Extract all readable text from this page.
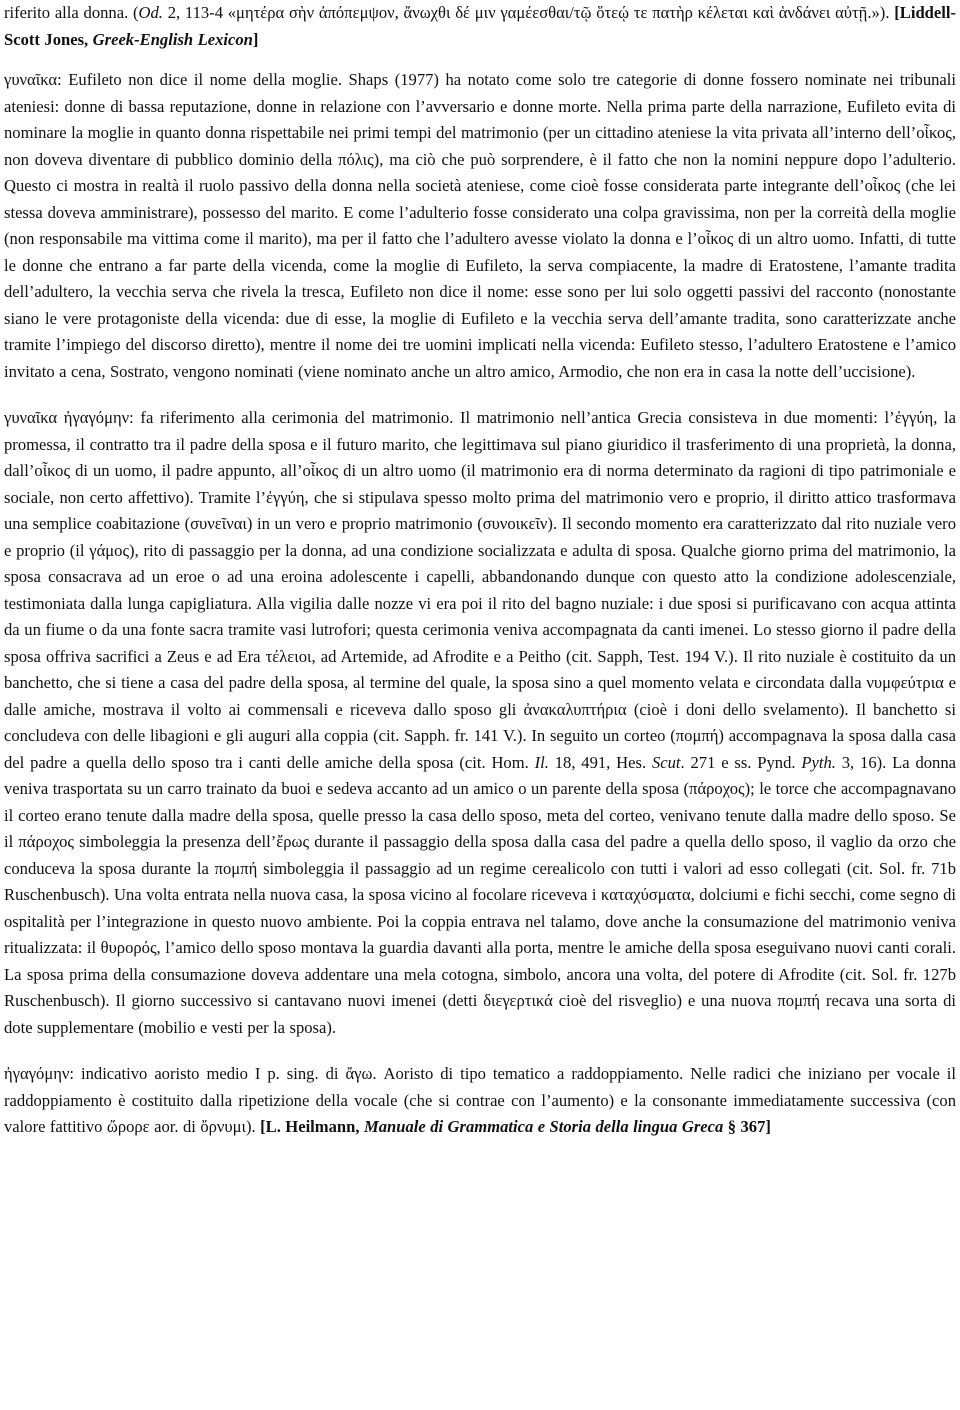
riferito alla donna. (Od. 2, 113-4 «μητέρα σὴν ἀπόπεμψον, ἄνωχθι δέ μιν γαμέεσθαι/τῷ ὅτεῴ τε πατὴρ κέλεται καὶ ἁνδάνει αὐτῇ.»). [Liddell-Scott Jones, Greek-English Lexicon]

γυναῖκα: Eufileto non dice il nome della moglie. Shaps (1977) ha notato come solo tre categorie di donne fossero nominate nei tribunali ateniesi: donne di bassa reputazione, donne in relazione con l’avversario e donne morte. Nella prima parte della narrazione, Eufileto evita di nominare la moglie in quanto donna rispettabile nei primi tempi del matrimonio (per un cittadino ateniese la vita privata all’interno dell’οἶκος, non doveva diventare di pubblico dominio della πόλις), ma ciò che può sorprendere, è il fatto che non la nomini neppure dopo l’adulterio. Questo ci mostra in realtà il ruolo passivo della donna nella società ateniese, come cioè fosse considerata parte integrante dell’οἶκος (che lei stessa doveva amministrare), possesso del marito. E come l’adulterio fosse considerato una colpa gravissima, non per la correità della moglie (non responsabile ma vittima come il marito), ma per il fatto che l’adultero avesse violato la donna e l’οἶκος di un altro uomo. Infatti, di tutte le donne che entrano a far parte della vicenda, come la moglie di Eufileto, la serva compiacente, la madre di Eratostene, l’amante tradita dell’adultero, la vecchia serva che rivela la tresca, Eufileto non dice il nome: esse sono per lui solo oggetti passivi del racconto (nonostante siano le vere protagoniste della vicenda: due di esse, la moglie di Eufileto e la vecchia serva dell’amante tradita, sono caratterizzate anche tramite l’impiego del discorso diretto), mentre il nome dei tre uomini implicati nella vicenda: Eufileto stesso, l’adultero Eratostene e l’amico invitato a cena, Sostrato, vengono nominati (viene nominato anche un altro amico, Armodio, che non era in casa la notte dell’uccisione).

γυναῖκα ἠγαγόμην: fa riferimento alla cerimonia del matrimonio. Il matrimonio nell’antica Grecia consisteva in due momenti: l’ἐγγύη, la promessa, il contratto tra il padre della sposa e il futuro marito, che legittimava sul piano giuridico il trasferimento di una proprietà, la donna, dall’οἶκος di un uomo, il padre appunto, all’οἶκος di un altro uomo (il matrimonio era di norma determinato da ragioni di tipo patrimoniale e sociale, non certo affettivo). Tramite l’ἐγγύη, che si stipulava spesso molto prima del matrimonio vero e proprio, il diritto attico trasformava una semplice coabitazione (συνεῖναι) in un vero e proprio matrimonio (συνοικεῖν). Il secondo momento era caratterizzato dal rito nuziale vero e proprio (il γάμος), rito di passaggio per la donna, ad una condizione socializzata e adulta di sposa. Qualche giorno prima del matrimonio, la sposa consacrava ad un eroe o ad una eroina adolescente i capelli, abbandonando dunque con questo atto la condizione adolescenziale, testimoniata dalla lunga capigliatura. Alla vigilia dalle nozze vi era poi il rito del bagno nuziale: i due sposi si purificavano con acqua attinta da un fiume o da una fonte sacra tramite vasi lutrofori; questa cerimonia veniva accompagnata da canti imenei. Lo stesso giorno il padre della sposa offriva sacrifici a Zeus e ad Era τέλειοι, ad Artemide, ad Afrodite e a Peitho (cit. Sapph, Test. 194 V.). Il rito nuziale è costituito da un banchetto, che si tiene a casa del padre della sposa, al termine del quale, la sposa sino a quel momento velata e circondata dalla νυμφεύτρια e dalle amiche, mostrava il volto ai commensali e riceveva dallo sposo gli ἀνακαλυπτήρια (cioè i doni dello svelamento). Il banchetto si concludeva con delle libagioni e gli auguri alla coppia (cit. Sapph. fr. 141 V.). In seguito un corteo (πομπή) accompagnava la sposa dalla casa del padre a quella dello sposo tra i canti delle amiche della sposa (cit. Hom. Il. 18, 491, Hes. Scut. 271 e ss. Pynd. Pyth. 3, 16). La donna veniva trasportata su un carro trainato da buoi e sedeva accanto ad un amico o un parente della sposa (πάροχος); le torce che accompagnavano il corteo erano tenute dalla madre della sposa, quelle presso la casa dello sposo, meta del corteo, venivano tenute dalla madre dello sposo. Se il πάροχος simboleggia la presenza dell’ἔρως durante il passaggio della sposa dalla casa del padre a quella dello sposo, il vaglio da orzo che conduceva la sposa durante la πομπή simboleggia il passaggio ad un regime cerealicolo con tutti i valori ad esso collegati (cit. Sol. fr. 71b Ruschenbusch). Una volta entrata nella nuova casa, la sposa vicino al focolare riceveva i καταχύσματα, dolciumi e fichi secchi, come segno di ospitalità per l’integrazione in questo nuovo ambiente. Poi la coppia entrava nel talamo, dove anche la consumazione del matrimonio veniva ritualizzata: il θυρορός, l’amico dello sposo montava la guardia davanti alla porta, mentre le amiche della sposa eseguivano nuovi canti corali. La sposa prima della consumazione doveva addentare una mela cotogna, simbolo, ancora una volta, del potere di Afrodite (cit. Sol. fr. 127b Ruschenbusch). Il giorno successivo si cantavano nuovi imenei (detti διεγερτικά cioè del risveglio) e una nuova πομπή recava una sorta di dote supplementare (mobilio e vesti per la sposa).

ἠγαγόμην: indicativo aoristo medio I p. sing. di ἄγω. Aoristo di tipo tematico a raddoppiamento. Nelle radici che iniziano per vocale il raddoppiamento è costituito dalla ripetizione della vocale (che si contrae con l’aumento) e la consonante immediatamente successiva (con valore fattitivo ὤρορε aor. di ὄρνυμι). [L. Heilmann, Manuale di Grammatica e Storia della lingua Greca § 367]
